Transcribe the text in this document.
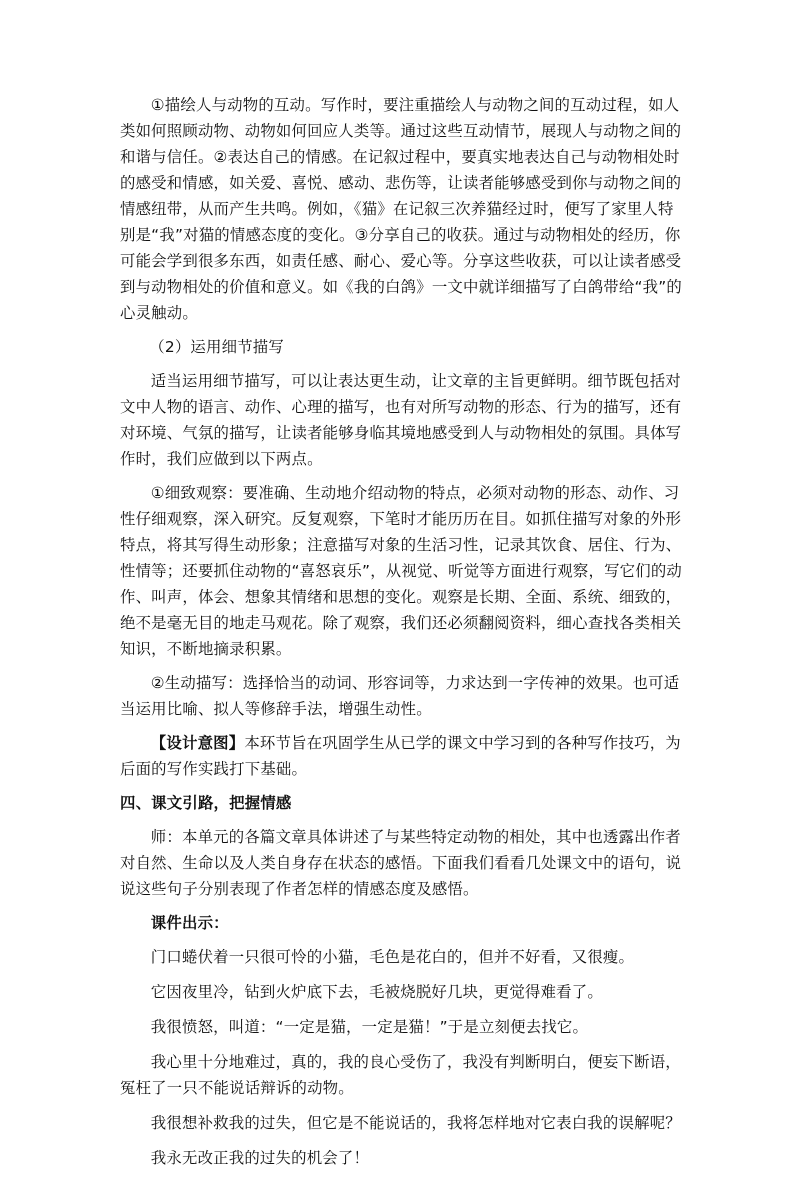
①描绘人与动物的互动。写作时，要注重描绘人与动物之间的互动过程，如人类如何照顾动物、动物如何回应人类等。通过这些互动情节，展现人与动物之间的和谐与信任。②表达自己的情感。在记叙过程中，要真实地表达自己与动物相处时的感受和情感，如关爱、喜悦、感动、悲伤等，让读者能够感受到你与动物之间的情感纽带，从而产生共鸣。例如，《猫》在记叙三次养猫经过时，便写了家里人特别是“我”对猫的情感态度的变化。③分享自己的收获。通过与动物相处的经历，你可能会学到很多东西，如责任感、耐心、爱心等。分享这些收获，可以让读者感受到与动物相处的价值和意义。如《我的白鸽》一文中就详细描写了白鸽带给“我”的心灵触动。

（2）运用细节描写

适当运用细节描写，可以让表达更生动，让文章的主旨更鲜明。细节既包括对文中人物的语言、动作、心理的描写，也有对所写动物的形态、行为的描写，还有对环境、气氛的描写，让读者能够身临其境地感受到人与动物相处的氛围。具体写作时，我们应做到以下两点。

①细致观察：要准确、生动地介绍动物的特点，必须对动物的形态、动作、习性仔细观察，深入研究。反复观察，下笔时才能历历在目。如抓住描写对象的外形特点，将其写得生动形象；注意描写对象的生活习性，记录其饮食、居住、行为、性情等；还要抓住动物的“喜怒哀乐”，从视觉、听觉等方面进行观察，写它们的动作、叫声，体会、想象其情绪和思想的变化。观察是长期、全面、系统、细致的，绝不是毫无目的地走马观花。除了观察，我们还必须翻阅资料，细心查找各类相关知识，不断地摘录积累。

②生动描写：选择恰当的动词、形容词等，力求达到一字传神的效果。也可适当运用比喻、拟人等修辞手法，增强生动性。

【设计意图】本环节旨在巩固学生从已学的课文中学习到的各种写作技巧，为后面的写作实践打下基础。

四、课文引路，把握情感

师：本单元的各篇文章具体讲述了与某些特定动物的相处，其中也透露出作者对自然、生命以及人类自身存在状态的感悟。下面我们看看几处课文中的语句，说说这些句子分别表现了作者怎样的情感态度及感悟。

课件出示：

门口蜷伏着一只很可怜的小猫，毛色是花白的，但并不好看，又很瘦。

它因夜里冷，钻到火炉底下去，毛被烧脱好几块，更觉得难看了。

我很愤怒，叫道：“一定是猫，一定是猫！”于是立刻便去找它。

我心里十分地难过，真的，我的良心受伤了，我没有判断明白，便妄下断语，冤枉了一只不能说话辩诉的动物。

我很想补救我的过失，但它是不能说话的，我将怎样地对它表白我的误解呢？

我永无改正我的过失的机会了！
